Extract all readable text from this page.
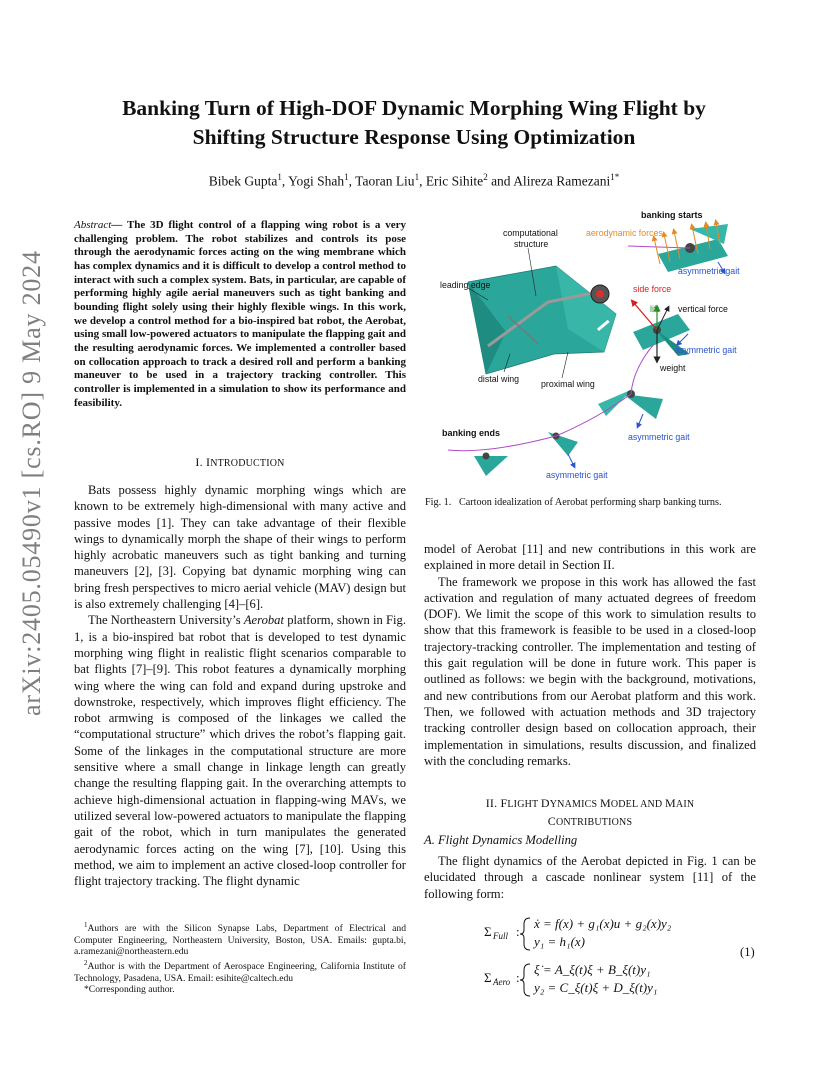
arXiv:2405.05490v1 [cs.RO] 9 May 2024
Banking Turn of High-DOF Dynamic Morphing Wing Flight by
Shifting Structure Response Using Optimization
Bibek Gupta$^1$, Yogi Shah$^1$, Taoran Liu$^1$, Eric Sihite$^2$ and Alireza Ramezani$^{1*}$
Abstract— The 3D flight control of a flapping wing robot is a very challenging problem. The robot stabilizes and controls its pose through the aerodynamic forces acting on the wing membrane which has complex dynamics and it is difficult to develop a control method to interact with such a complex system. Bats, in particular, are capable of performing highly agile aerial maneuvers such as tight banking and bounding flight solely using their highly flexible wings. In this work, we develop a control method for a bio-inspired bat robot, the Aerobat, using small low-powered actuators to manipulate the flapping gait and the resulting aerodynamic forces. We implemented a controller based on collocation approach to track a desired roll and perform a banking maneuver to be used in a trajectory tracking controller. This controller is implemented in a simulation to show its performance and feasibility.
I. INTRODUCTION

Bats possess highly dynamic morphing wings which are known to be extremely high-dimensional with many active and passive modes [1]. They can take advantage of their flexible wings to dynamically morph the shape of their wings to perform highly acrobatic maneuvers such as tight banking and turning maneuvers [2], [3]. Copying bat dynamic morphing wing can bring fresh perspectives to micro aerial vehicle (MAV) design but is also extremely challenging [4]–[6].

The Northeastern University’s Aerobat platform, shown in Fig. 1, is a bio-inspired bat robot that is developed to test dynamic morphing wing flight in realistic flight scenarios comparable to bat flights [7]–[9]. This robot features a dynamically morphing wing where the wing can fold and expand during upstroke and downstroke, respectively, which improves flight efficiency. The robot armwing is composed of the linkages we called the “computational structure” which drives the robot’s flapping gait. Some of the linkages in the computational structure are more sensitive where a small change in linkage length can greatly change the resulting flapping gait. In the overarching attempts to achieve high-dimensional actuation in flapping-wing MAVs, we utilized several low-powered actuators to manipulate the flapping gait of the robot, which in turn manipulates the generated aerodynamic forces acting on the wing [7], [10]. Using this method, we aim to implement an active closed-loop controller for flight trajectory tracking. The flight dynamic

$^1$Authors are with the Silicon Synapse Labs, Department of Electrical and Computer Engineering, Northeastern University, Boston, USA. Emails: gupta.bi, a.ramezani@northeastern.edu

$^2$Author is with the Department of Aerospace Engineering, California Institute of Technology, Pasadena, USA. Email: esihite@caltech.edu

*Corresponding author.

banking starts
computational
structure
aerodynamic forces
asymmetric gait
leading edge	side force
lift vertical force
asymmetric gait
distal wing proximal wing
weight
asymmetric gait
banking ends
asymmetric gait
Fig. 1. Cartoon idealization of Aerobat performing sharp banking turns.

model of Aerobat [11] and new contributions in this work are explained in more detail in Section II.

The framework we propose in this work has allowed the fast activation and regulation of many actuated degrees of freedom (DOF). We limit the scope of this work to simulation results to show that this framework is feasible to be used in a closed-loop trajectory-tracking controller. The implementation and testing of this gait regulation will be done in future work. This paper is outlined as follows: we begin with the background, motivations, and new contributions from our Aerobat platform and this work. Then, we followed with actuation methods and 3D trajectory tracking controller design based on collocation approach, their implementation in simulations, results discussion, and finalized with the concluding remarks.

II. FLIGHT DYNAMICS MODEL AND MAIN
CONTRIBUTIONS
A. Flight Dynamics Modelling

The flight dynamics of the Aerobat depicted in Fig. 1 can be elucidated through a cascade nonlinear system [11] of the following form:

Σ Full :
ẋ = f(x) + g₁(x)u + g₂(x)y₂
y₁ = h₁(x)
Σ Aero :
ξ̇ = A_ξ(t)ξ + B_ξ(t)y₁
y₂ = C_ξ(t)ξ + D_ξ(t)y₁
(1)
